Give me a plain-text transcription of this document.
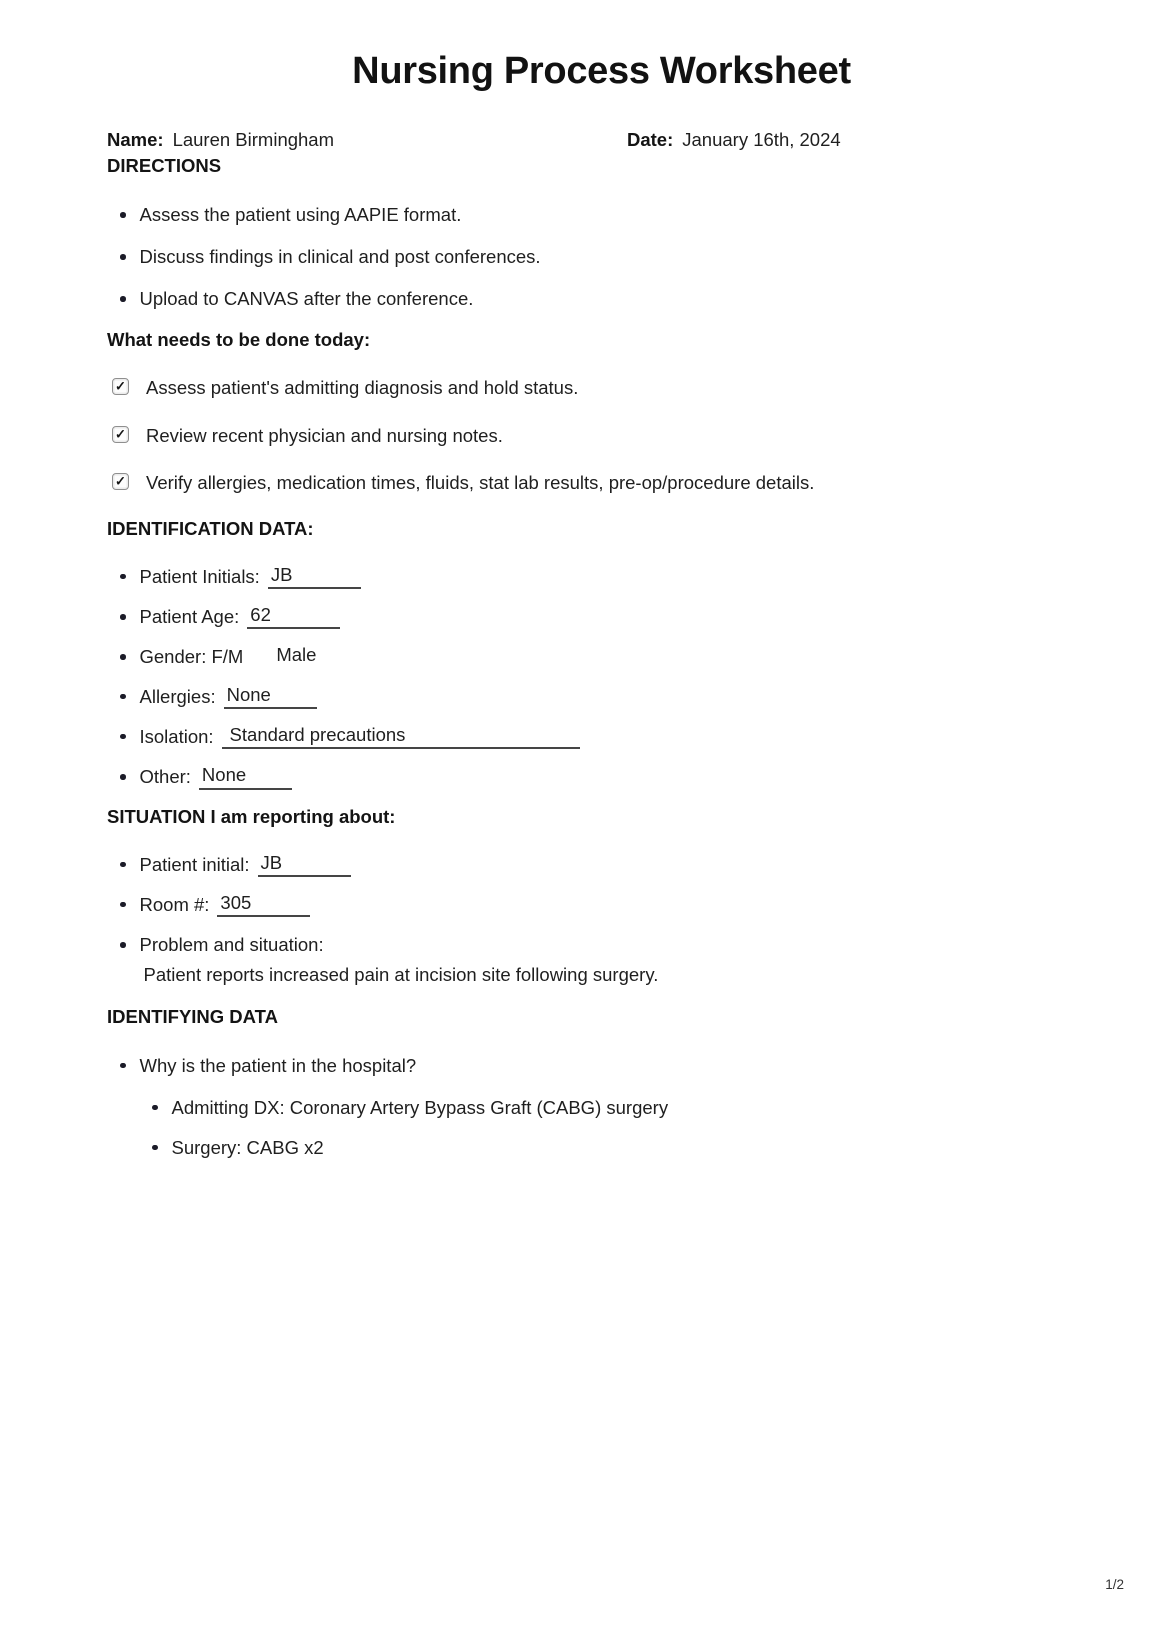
Nursing Process Worksheet
Name: Lauren Birmingham	Date: January 16th, 2024
DIRECTIONS
Assess the patient using AAPIE format.
Discuss findings in clinical and post conferences.
Upload to CANVAS after the conference.
What needs to be done today:
✓ Assess patient's admitting diagnosis and hold status.
✓ Review recent physician and nursing notes.
✓ Verify allergies, medication times, fluids, stat lab results, pre-op/procedure details.
IDENTIFICATION DATA:
Patient Initials: JB
Patient Age: 62
Gender: F/M Male
Allergies: None
Isolation: Standard precautions
Other: None
SITUATION I am reporting about:
Patient initial: JB
Room #: 305
Problem and situation:
Patient reports increased pain at incision site following surgery.
IDENTIFYING DATA
Why is the patient in the hospital?
Admitting DX: Coronary Artery Bypass Graft (CABG) surgery
Surgery: CABG x2
1/2
